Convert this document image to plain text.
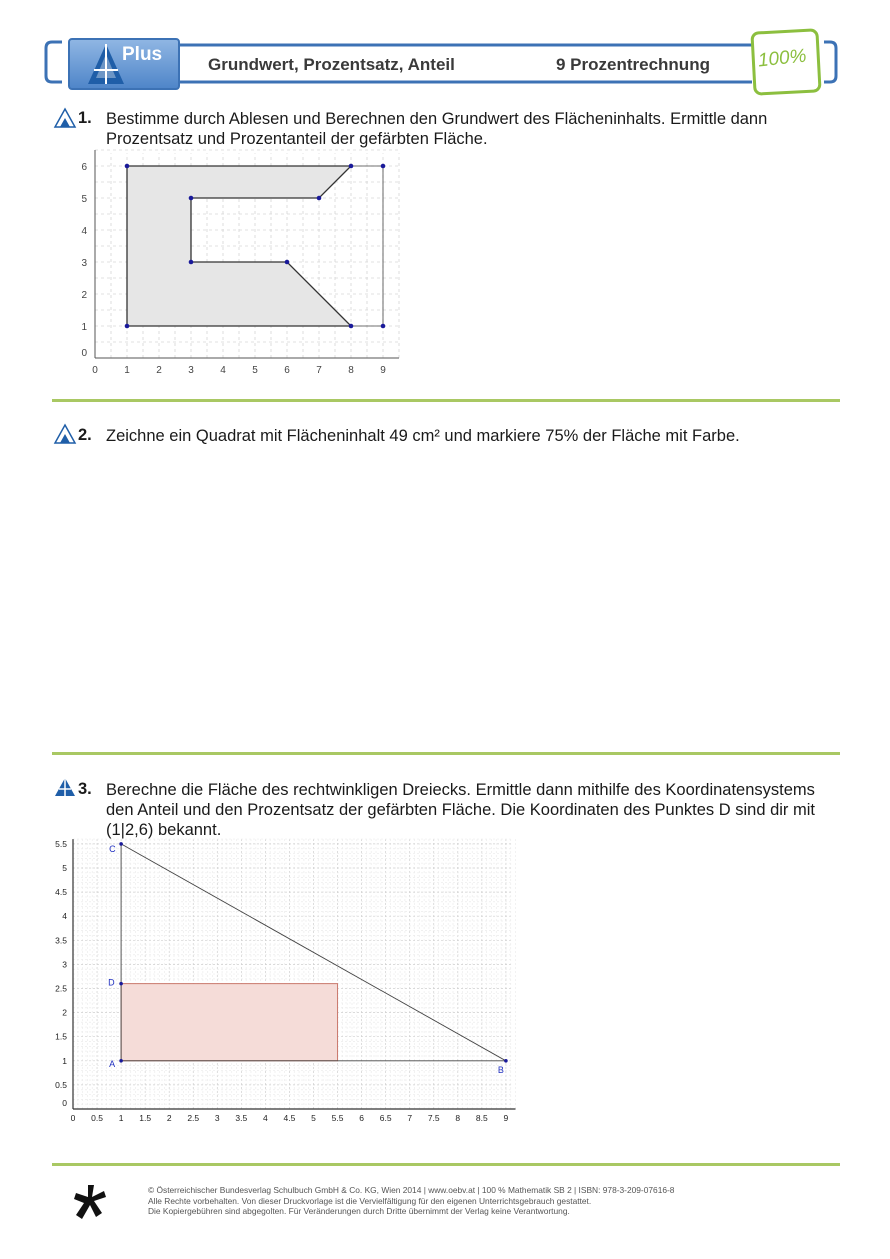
Plus	Grundwert, Prozentsatz, Anteil	9 Prozentrechnung 100%
1. Bestimme durch Ablesen und Berechnen den Grundwert des Flächeninhalts. Ermittle dann Prozentsatz und Prozentanteil der gefärbten Fläche.
0	1	2	3	4	5	6	7	8	9
0
1
2
3
4
5
6
2. Zeichne ein Quadrat mit Flächeninhalt 49 cm² und markiere 75% der Fläche mit Farbe.
3. Berechne die Fläche des rechtwinkligen Dreiecks. Ermittle dann mithilfe des Koordinatensystems den Anteil und den Prozentsatz der gefärbten Fläche. Die Koordinaten des Punktes D sind dir mit (1|2,6) bekannt.
A
B
C
D
0 0.5 1 1.5 2 2.5 3 3.5 4 4.5 5 5.5 6 6.5 7 7.5 8 8.5 9
0
0.5
1
1.5
2
2.5
3
3.5
4
4.5
5
5.5
© Österreichischer Bundesverlag Schulbuch GmbH & Co. KG, Wien 2014 | www.oebv.at | 100 % Mathematik SB 2 | ISBN: 978-3-209-07616-8
Alle Rechte vorbehalten. Von dieser Druckvorlage ist die Vervielfältigung für den eigenen Unterrichtsgebrauch gestattet.
Die Kopiergebühren sind abgegolten. Für Veränderungen durch Dritte übernimmt der Verlag keine Verantwortung.
